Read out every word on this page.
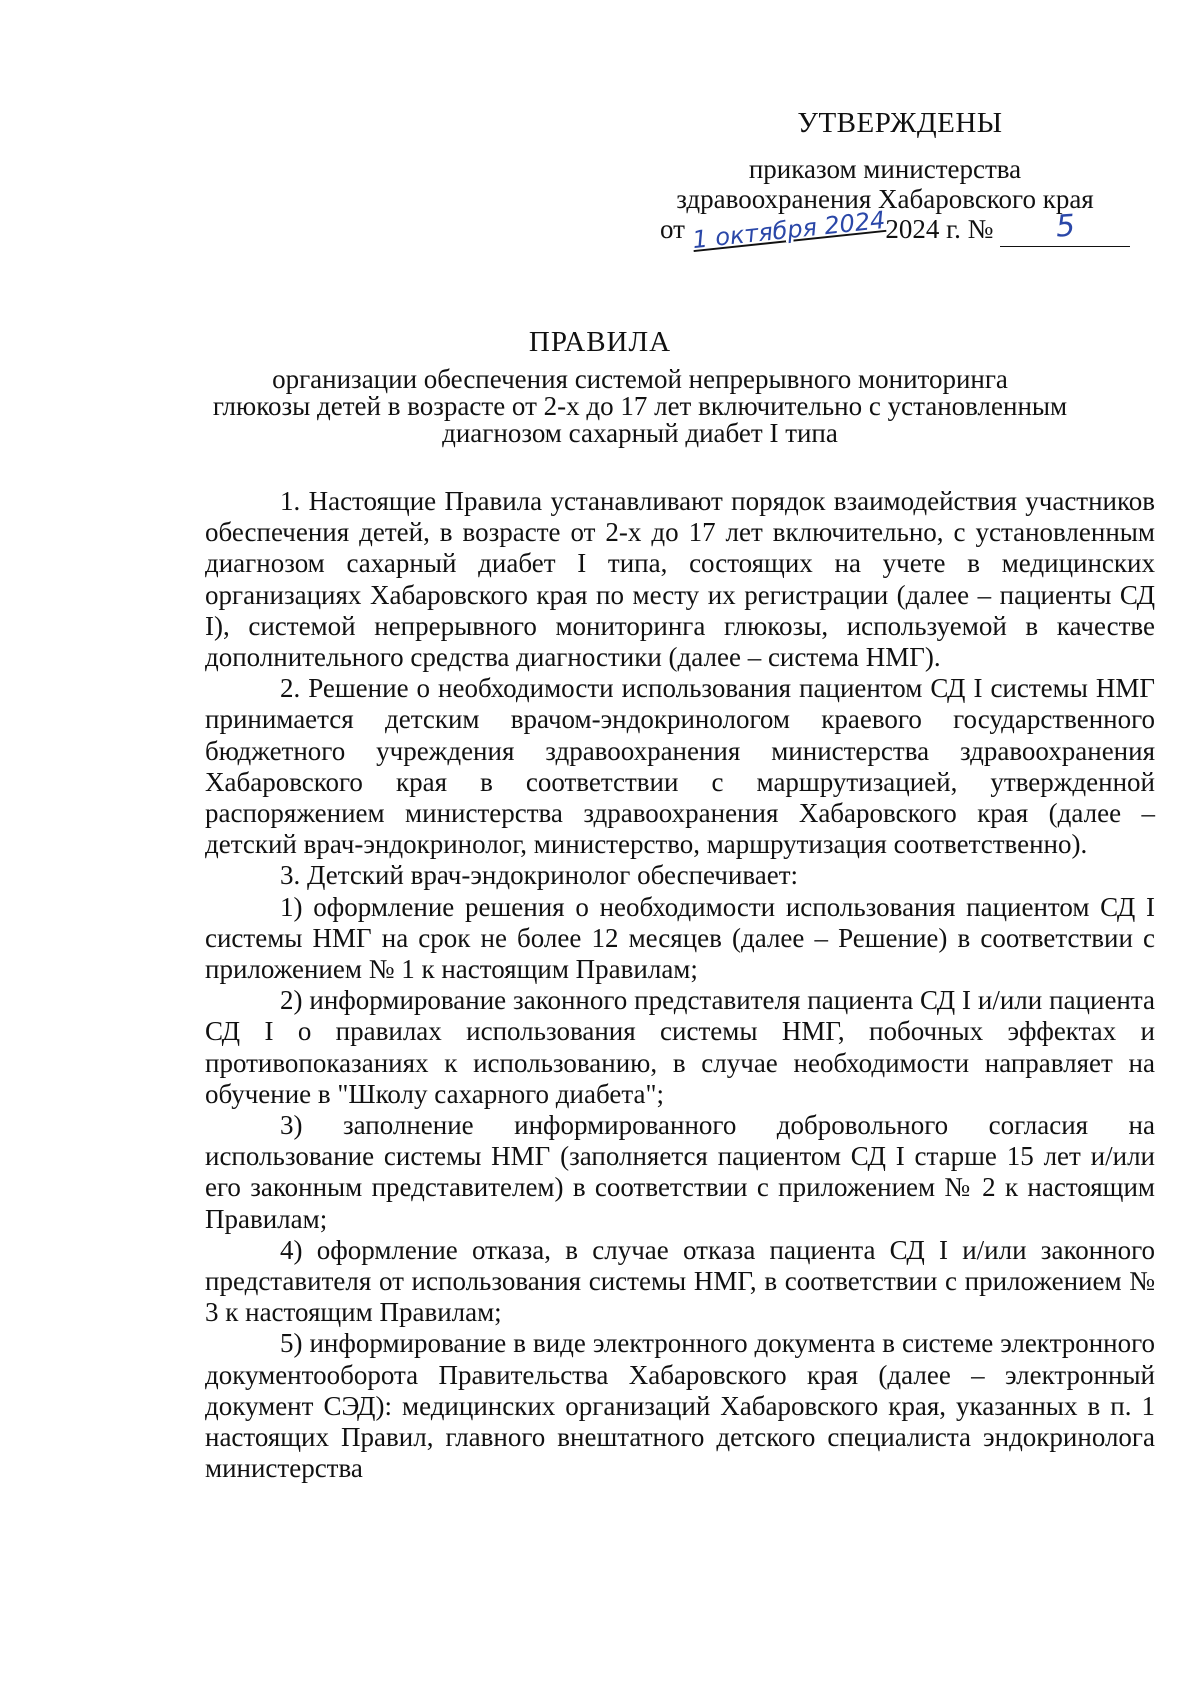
УТВЕРЖДЕНЫ
приказом министерства
здравоохранения Хабаровского края
от 1 октября 20242024 г. № 5
ПРАВИЛА
организации обеспечения системой непрерывного мониторинга
глюкозы детей в возрасте от 2-х до 17 лет включительно с установленным
диагнозом сахарный диабет I типа

1. Настоящие Правила устанавливают порядок взаимодействия участников обеспечения детей, в возрасте от 2-х до 17 лет включительно, с установленным диагнозом сахарный диабет I типа, состоящих на учете в медицинских организациях Хабаровского края по месту их регистрации (далее – пациенты СД I), системой непрерывного мониторинга глюкозы, используемой в качестве дополнительного средства диагностики (далее – система НМГ).

2. Решение о необходимости использования пациентом СД I системы НМГ принимается детским врачом-эндокринологом краевого государственного бюджетного учреждения здравоохранения министерства здравоохранения Хабаровского края в соответствии с маршрутизацией, утвержденной распоряжением министерства здравоохранения Хабаровского края (далее – детский врач-эндокринолог, министерство, маршрутизация соответственно).

3. Детский врач-эндокринолог обеспечивает:

1) оформление решения о необходимости использования пациентом СД I системы НМГ на срок не более 12 месяцев (далее – Решение) в соответствии с приложением № 1 к настоящим Правилам;

2) информирование законного представителя пациента СД I и/или пациента СД I о правилах использования системы НМГ, побочных эффектах и противопоказаниях к использованию, в случае необходимости направляет на обучение в "Школу сахарного диабета";

3) заполнение информированного добровольного согласия на использование системы НМГ (заполняется пациентом СД I старше 15 лет и/или его законным представителем) в соответствии с приложением № 2 к настоящим Правилам;

4) оформление отказа, в случае отказа пациента СД I и/или законного представителя от использования системы НМГ, в соответствии с приложением № 3 к настоящим Правилам;

5) информирование в виде электронного документа в системе электронного документооборота Правительства Хабаровского края (далее – электронный документ СЭД): медицинских организаций Хабаровского края, указанных в п. 1 настоящих Правил, главного внештатного детского специалиста эндокринолога министерства
